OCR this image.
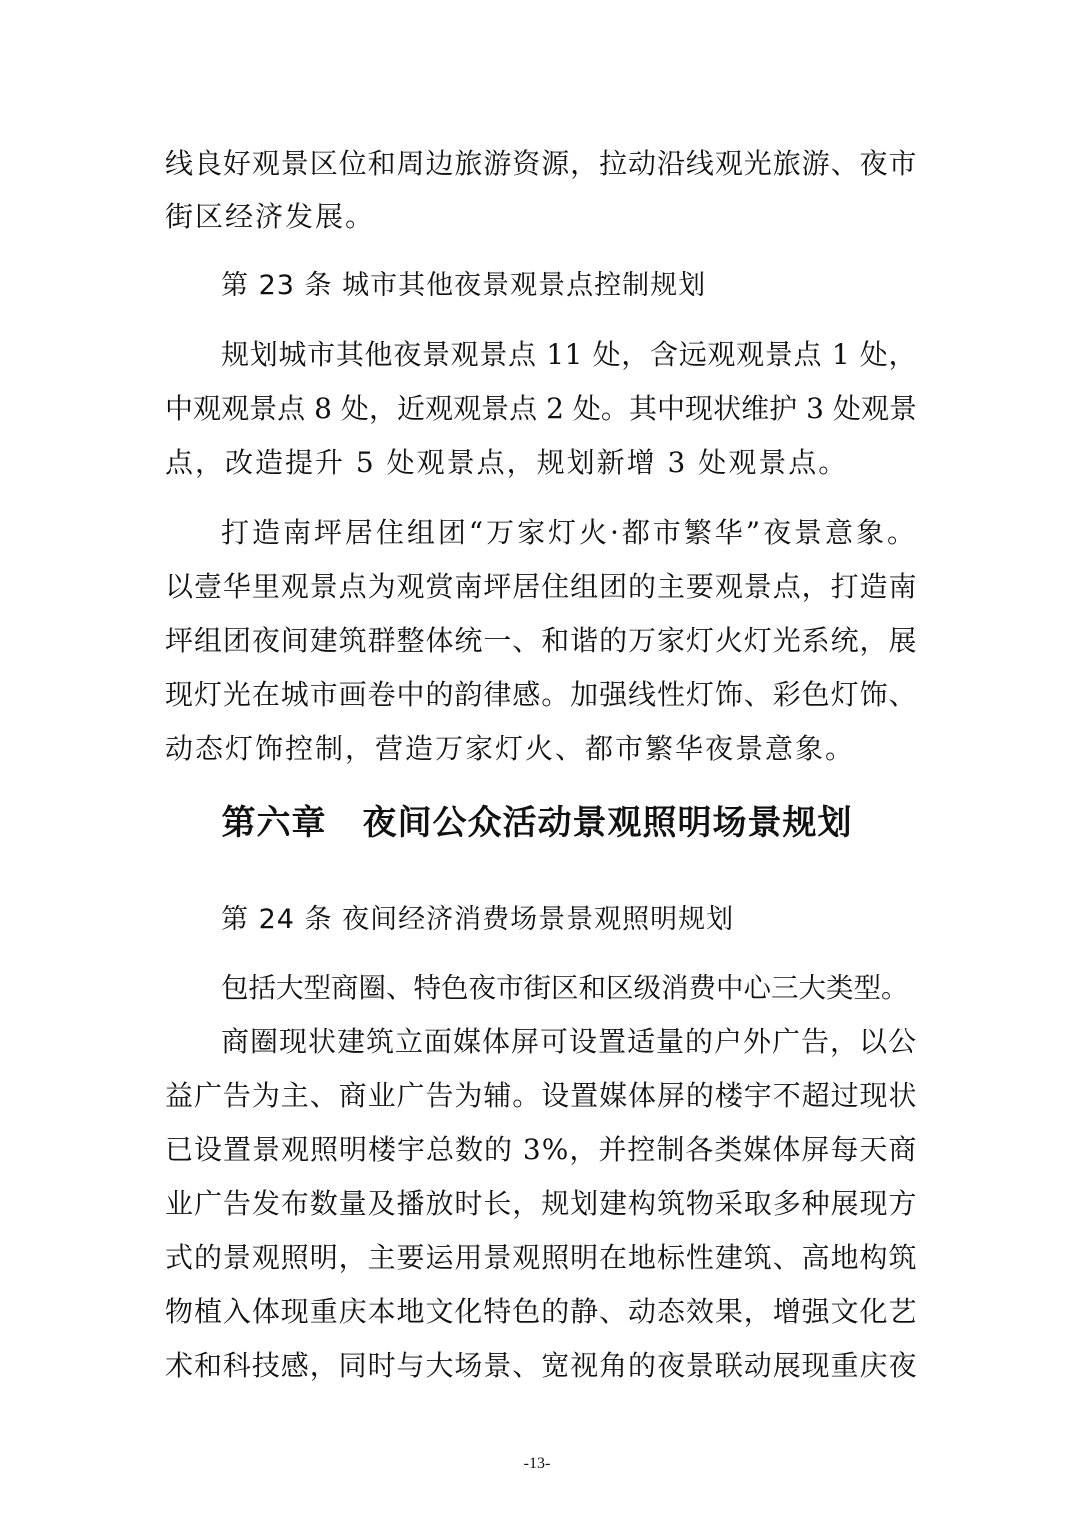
线良好观景区位和周边旅游资源，拉动沿线观光旅游、夜市
街区经济发展。
第 23 条 城市其他夜景观景点控制规划
规划城市其他夜景观景点 11 处，含远观观景点 1 处，
中观观景点 8 处，近观观景点 2 处。其中现状维护 3 处观景
点，改造提升 5 处观景点，规划新增 3 处观景点。
打造南坪居住组团“万家灯火·都市繁华”夜景意象。
以壹华里观景点为观赏南坪居住组团的主要观景点，打造南
坪组团夜间建筑群整体统一、和谐的万家灯火灯光系统，展
现灯光在城市画卷中的韵律感。加强线性灯饰、彩色灯饰、
动态灯饰控制，营造万家灯火、都市繁华夜景意象。
第六章 夜间公众活动景观照明场景规划
第 24 条 夜间经济消费场景景观照明规划
包括大型商圈、特色夜市街区和区级消费中心三大类型。
商圈现状建筑立面媒体屏可设置适量的户外广告，以公
益广告为主、商业广告为辅。设置媒体屏的楼宇不超过现状
已设置景观照明楼宇总数的 3%，并控制各类媒体屏每天商
业广告发布数量及播放时长，规划建构筑物采取多种展现方
式的景观照明，主要运用景观照明在地标性建筑、高地构筑
物植入体现重庆本地文化特色的静、动态效果，增强文化艺
术和科技感，同时与大场景、宽视角的夜景联动展现重庆夜
-13-
